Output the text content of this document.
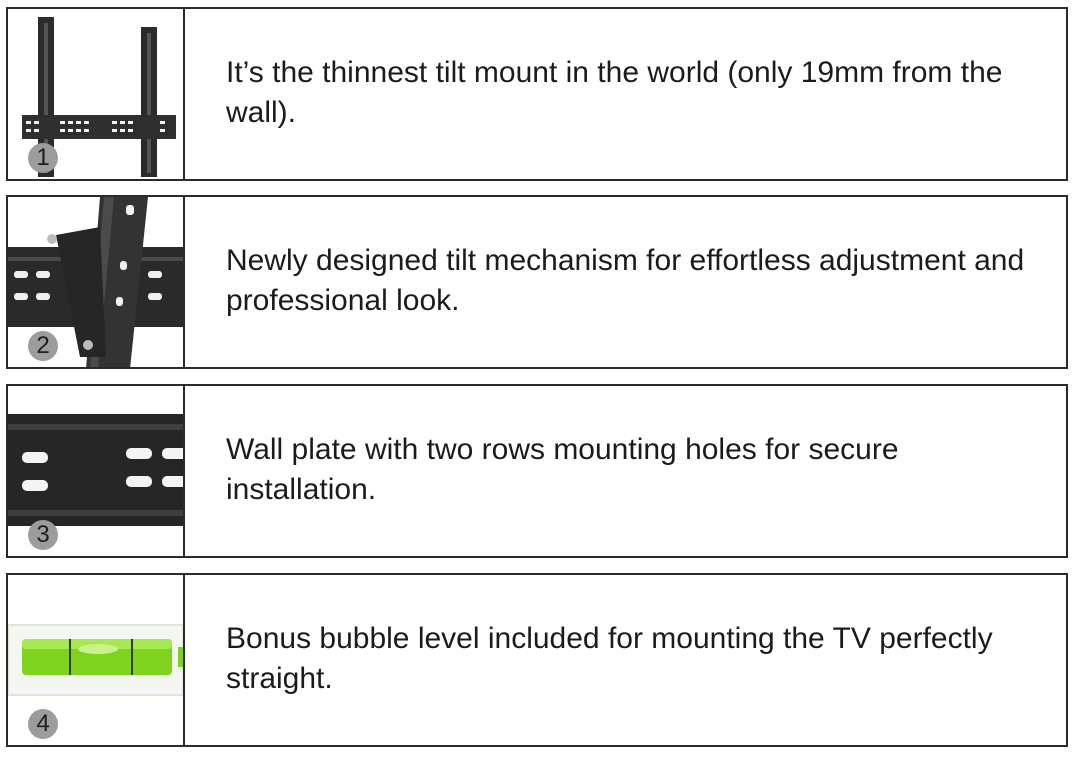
1

It’s the thinnest tilt mount in the world (only 19mm from the wall).

2

Newly designed tilt mechanism for effortless adjustment and professional look.

3

Wall plate with two rows mounting holes for secure installation.

4

Bonus bubble level included for mounting the TV perfectly straight.
